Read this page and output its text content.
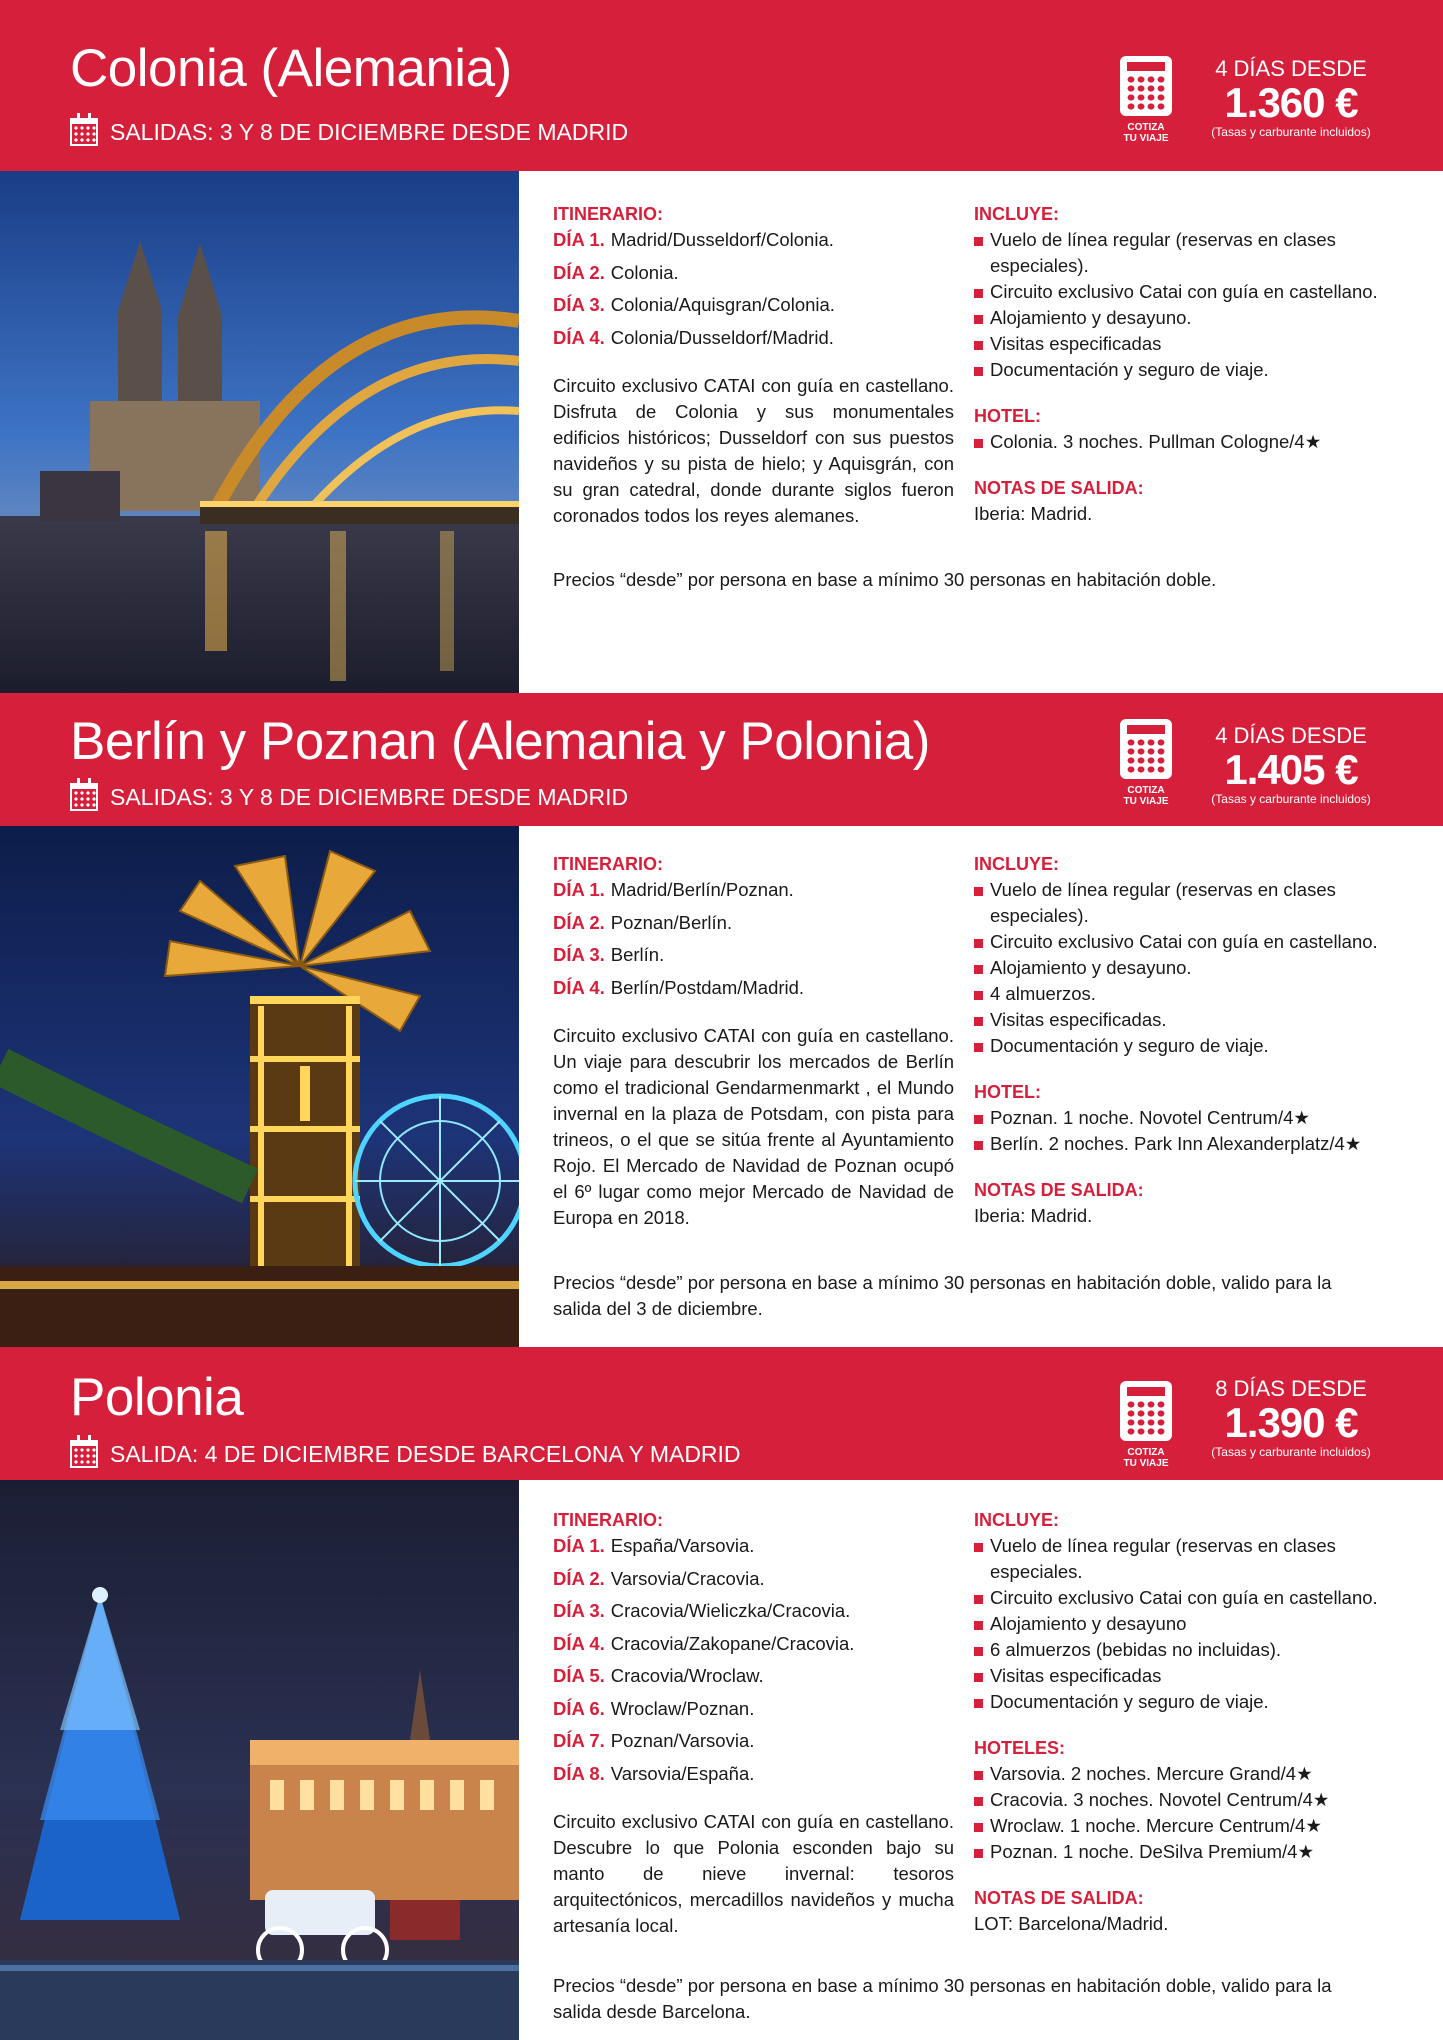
Colonia (Alemania)
SALIDAS: 3 Y 8 DE DICIEMBRE DESDE MADRID	COTIZA
TU VIAJE
4 DÍAS DESDE
1.360 €
(Tasas y carburante incluidos)

ITINERARIO:

DÍA 1. Madrid/Dusseldorf/Colonia.

DÍA 2. Colonia.

DÍA 3. Colonia/Aquisgran/Colonia.

DÍA 4. Colonia/Dusseldorf/Madrid.

Circuito exclusivo CATAI con guía en castellano. Disfruta de Colonia y sus monumentales edificios históricos; Dusseldorf con sus puestos navideños y su pista de hielo; y Aquisgrán, con su gran catedral, donde durante siglos fueron coronados todos los reyes alemanes.

INCLUYE:

Vuelo de línea regular (reservas en clases especiales).

Circuito exclusivo Catai con guía en castellano.

Alojamiento y desayuno.

Visitas especificadas

Documentación y seguro de viaje.

HOTEL:

Colonia. 3 noches. Pullman Cologne/4★

NOTAS DE SALIDA:

Iberia: Madrid.

Precios “desde” por persona en base a mínimo 30 personas en habitación doble.
Berlín y Poznan (Alemania y Polonia)
SALIDAS: 3 Y 8 DE DICIEMBRE DESDE MADRID	COTIZA
TU VIAJE
4 DÍAS DESDE
1.405 €
(Tasas y carburante incluidos)

ITINERARIO:

DÍA 1. Madrid/Berlín/Poznan.

DÍA 2. Poznan/Berlín.

DÍA 3. Berlín.

DÍA 4. Berlín/Postdam/Madrid.

Circuito exclusivo CATAI con guía en castellano. Un viaje para descubrir los mercados de Berlín como el tradicional Gendarmenmarkt , el Mundo invernal en la plaza de Potsdam, con pista para trineos, o el que se sitúa frente al Ayuntamiento Rojo. El Mercado de Navidad de Poznan ocupó el 6º lugar como mejor Mercado de Navidad de Europa en 2018.

INCLUYE:

Vuelo de línea regular (reservas en clases especiales).

Circuito exclusivo Catai con guía en castellano.

Alojamiento y desayuno.

4 almuerzos.

Visitas especificadas.

Documentación y seguro de viaje.

HOTEL:

Poznan. 1 noche. Novotel Centrum/4★

Berlín. 2 noches. Park Inn Alexanderplatz/4★

NOTAS DE SALIDA:

Iberia: Madrid.

Precios “desde” por persona en base a mínimo 30 personas en habitación doble, valido para la salida del 3 de diciembre.
Polonia
SALIDA: 4 DE DICIEMBRE DESDE BARCELONA Y MADRID	COTIZA
TU VIAJE
8 DÍAS DESDE
1.390 €
(Tasas y carburante incluidos)

ITINERARIO:

DÍA 1. España/Varsovia.

DÍA 2. Varsovia/Cracovia.

DÍA 3. Cracovia/Wieliczka/Cracovia.

DÍA 4. Cracovia/Zakopane/Cracovia.

DÍA 5. Cracovia/Wroclaw.

DÍA 6. Wroclaw/Poznan.

DÍA 7. Poznan/Varsovia.

DÍA 8. Varsovia/España.

Circuito exclusivo CATAI con guía en castellano. Descubre lo que Polonia esconden bajo su manto de nieve invernal: tesoros arquitectónicos, mercadillos navideños y mucha artesanía local.

INCLUYE:

Vuelo de línea regular (reservas en clases especiales.

Circuito exclusivo Catai con guía en castellano.

Alojamiento y desayuno

6 almuerzos (bebidas no incluidas).

Visitas especificadas

Documentación y seguro de viaje.

HOTELES:

Varsovia. 2 noches. Mercure Grand/4★

Cracovia. 3 noches. Novotel Centrum/4★

Wroclaw. 1 noche. Mercure Centrum/4★

Poznan. 1 noche. DeSilva Premium/4★

NOTAS DE SALIDA:

LOT: Barcelona/Madrid.

Precios “desde” por persona en base a mínimo 30 personas en habitación doble, valido para la salida desde Barcelona.
